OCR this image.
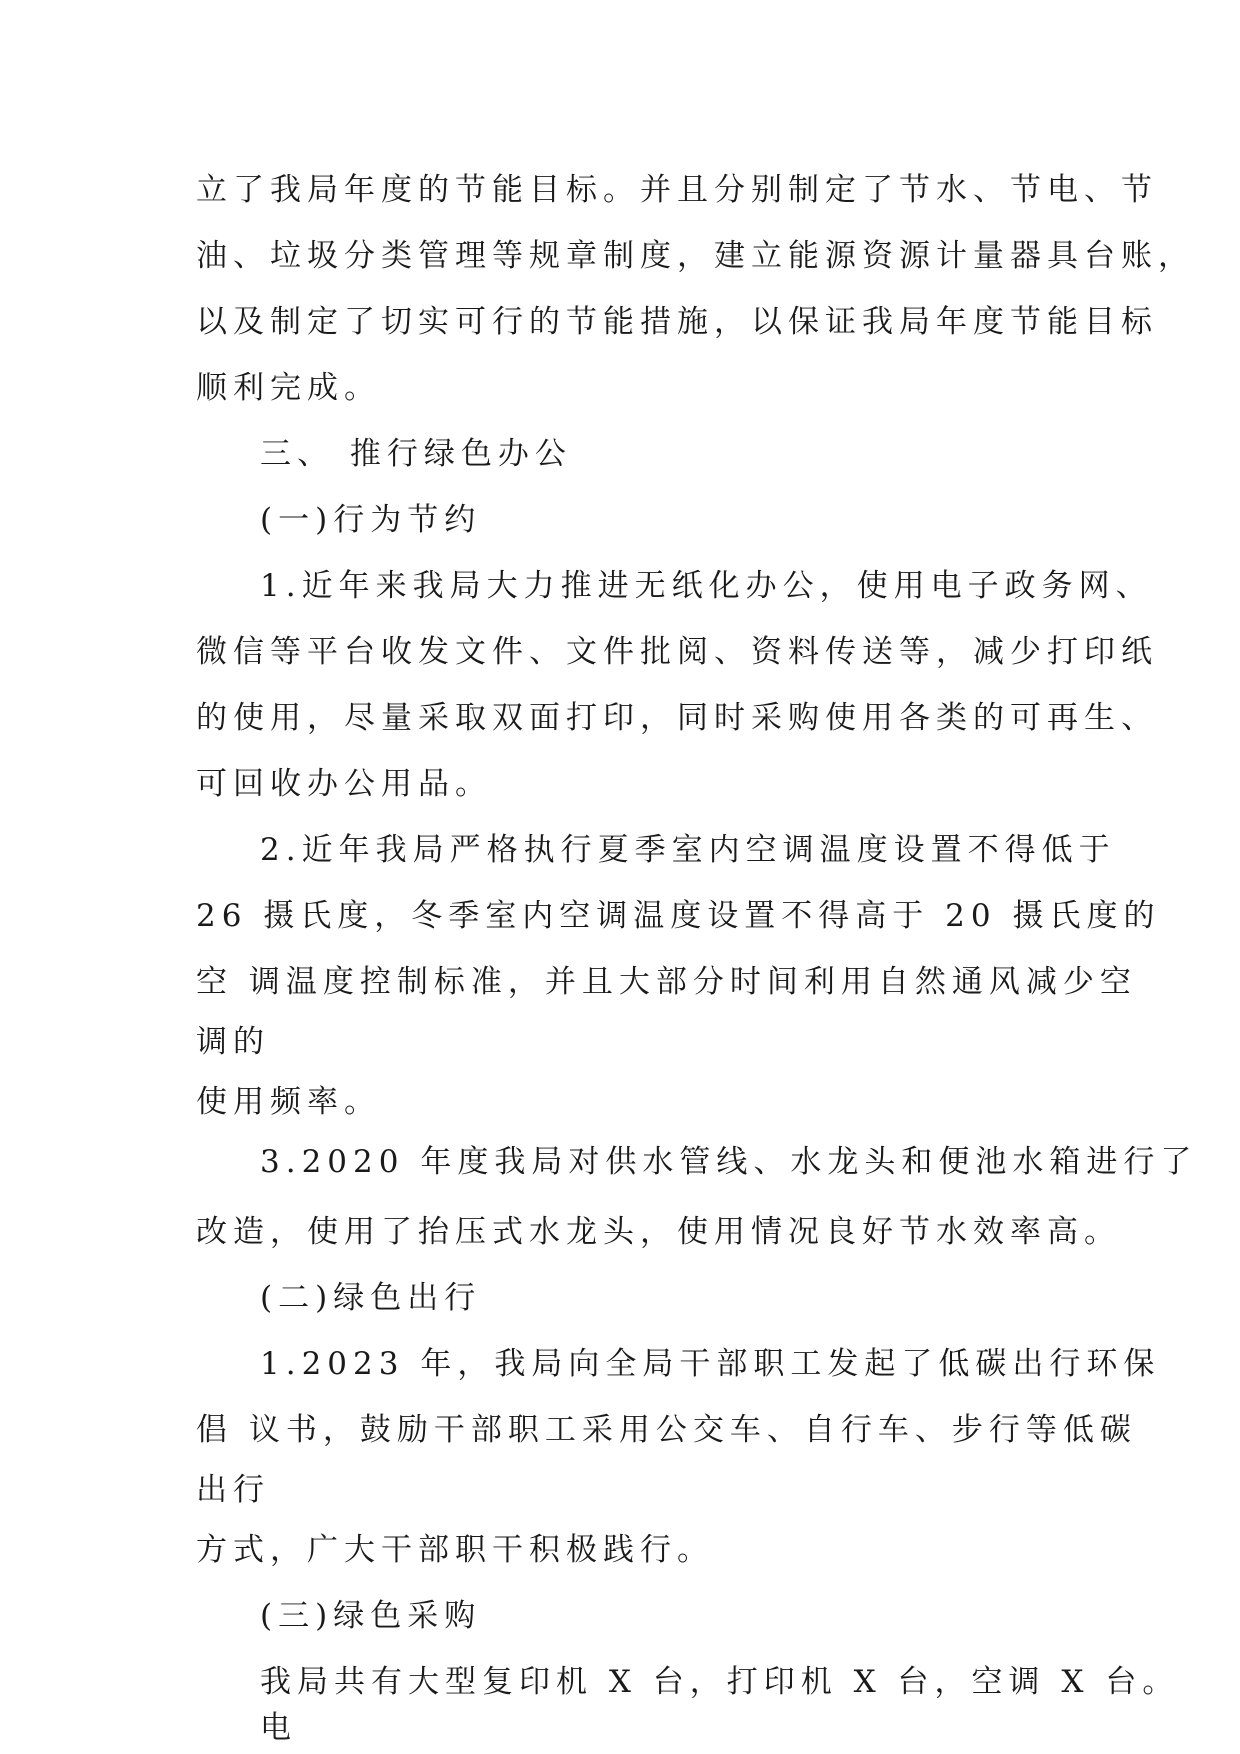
立了我局年度的节能目标。并且分别制定了节水、节电、节

油、垃圾分类管理等规章制度，建立能源资源计量器具台账，

以及制定了切实可行的节能措施，以保证我局年度节能目标

顺利完成。

三、 推行绿色办公

(一)行为节约

1.近年来我局大力推进无纸化办公，使用电子政务网、

微信等平台收发文件、文件批阅、资料传送等，减少打印纸

的使用，尽量采取双面打印，同时采购使用各类的可再生、

可回收办公用品。

2.近年我局严格执行夏季室内空调温度设置不得低于

26 摄氏度，冬季室内空调温度设置不得高于 20 摄氏度的

空 调温度控制标准，并且大部分时间利用自然通风减少空

调的

使用频率。

3.2020 年度我局对供水管线、水龙头和便池水箱进行了

改造，使用了抬压式水龙头，使用情况良好节水效率高。

(二)绿色出行

1.2023 年，我局向全局干部职工发起了低碳出行环保

倡 议书，鼓励干部职工采用公交车、自行车、步行等低碳

出行

方式，广大干部职干积极践行。

(三)绿色采购

我局共有大型复印机 X 台，打印机 X 台，空调 X 台。

电
